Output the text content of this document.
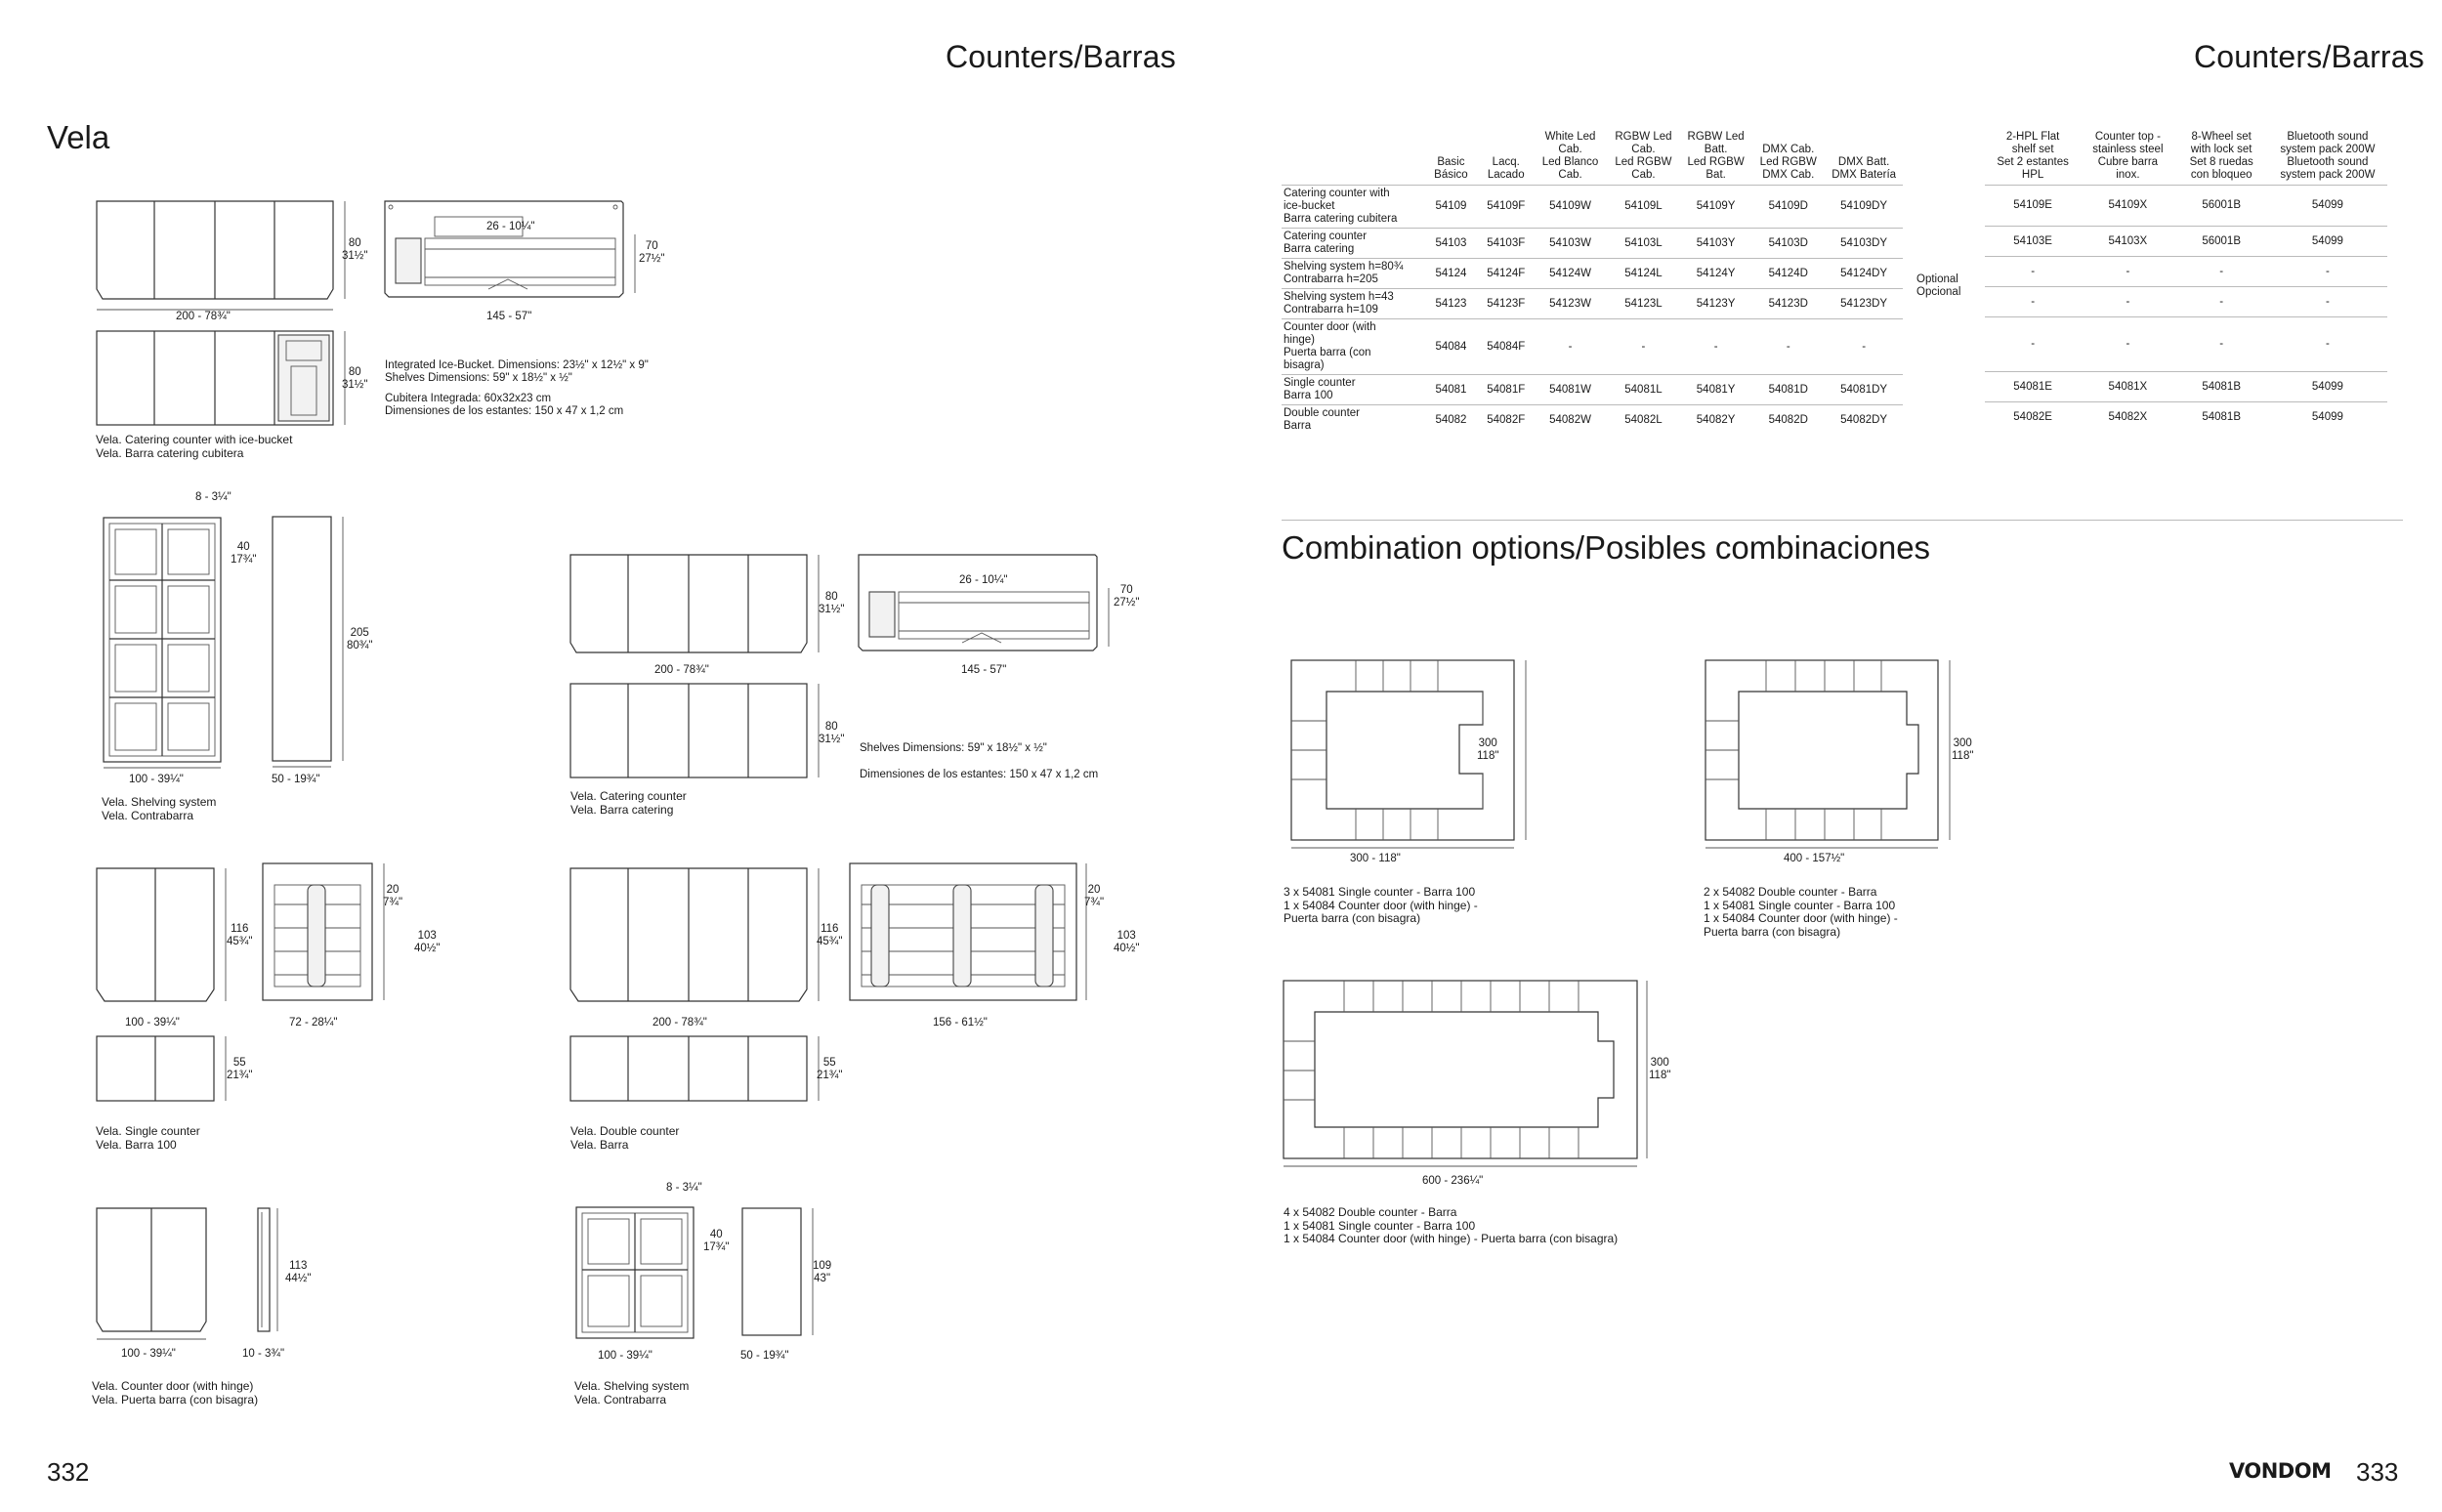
Counters/Barras	Counters/Barras
Vela
80
31½"
200 - 78¾"
80
31½"
26 - 10¼"
70
27½"
145 - 57"
Integrated Ice-Bucket. Dimensions: 23½" x 12½" x 9"
Shelves Dimensions: 59" x 18½" x ½"
Cubitera Integrada: 60x32x23 cm
Dimensiones de los estantes: 150 x 47 x 1,2 cm
Vela. Catering counter with ice-bucket
Vela. Barra catering cubitera
8 - 3¼"
40
17¾"
100 - 39¼"
205
80¾"
50 - 19¾"
Vela. Shelving system
Vela. Contrabarra
80
31½"
200 - 78¾"
80
31½"
26 - 10¼"
70
27½"
145 - 57"
Shelves Dimensions: 59" x 18½" x ½"
Dimensiones de los estantes: 150 x 47 x 1,2 cm
Vela. Catering counter
Vela. Barra catering
116
45¾"
100 - 39¼"
20
7¾"
103
40½"
72 - 28¼"
55
21¾"
Vela. Single counter
Vela. Barra 100
116
45¾"
200 - 78¾"
20
7¾"
103
40½"
156 - 61½"
55
21¾"
Vela. Double counter
Vela. Barra
100 - 39¼"
113
44½"
10 - 3¾"
Vela. Counter door (with hinge)
Vela. Puerta barra (con bisagra)
8 - 3¼"
40
17¾"
100 - 39¼"
109
43"
50 - 19¾"
Vela. Shelving system
Vela. Contrabarra
	Basic
Básico	Lacq.
Lacado	White Led
Cab.
Led Blanco
Cab.	RGBW Led
Cab.
Led RGBW
Cab.	RGBW Led
Batt.
Led RGBW
Bat.	DMX Cab.
Led RGBW
DMX Cab.	DMX Batt.
DMX Batería
Catering counter with
ice-bucket
Barra catering cubitera	54109	54109F	54109W	54109L	54109Y	54109D	54109DY
Catering counter
Barra catering	54103	54103F	54103W	54103L	54103Y	54103D	54103DY
Shelving system h=80¾
Contrabarra h=205	54124	54124F	54124W	54124L	54124Y	54124D	54124DY
Shelving system h=43
Contrabarra h=109	54123	54123F	54123W	54123L	54123Y	54123D	54123DY
Counter door (with
hinge)
Puerta barra (con
bisagra)	54084	54084F	-	-	-	-	-
Single counter
Barra 100	54081	54081F	54081W	54081L	54081Y	54081D	54081DY
Double counter
Barra	54082	54082F	54082W	54082L	54082Y	54082D	54082DY
Optional
Opcional
2-HPL Flat
shelf set
Set 2 estantes
HPL	Counter top -
stainless steel
Cubre barra
inox.	8-Wheel set
with lock set
Set 8 ruedas
con bloqueo	Bluetooth sound
system pack 200W
Bluetooth sound
system pack 200W
54109E	54109X	56001B	54099
54103E	54103X	56001B	54099
-	-	-	-
-	-	-	-
-	-	-	-
54081E	54081X	54081B	54099
54082E	54082X	54081B	54099
Combination options/Posibles combinaciones
300
118"
300 - 118"
3 x 54081 Single counter - Barra 100
1 x 54084 Counter door (with hinge) -
Puerta barra (con bisagra)
300
118"
400 - 157½"
2 x 54082 Double counter - Barra
1 x 54081 Single counter - Barra 100
1 x 54084 Counter door (with hinge) -
Puerta barra (con bisagra)
300
118"
600 - 236¼"
4 x 54082 Double counter - Barra
1 x 54081 Single counter - Barra 100
1 x 54084 Counter door (with hinge) - Puerta barra (con bisagra)
332	VONDOM 333
